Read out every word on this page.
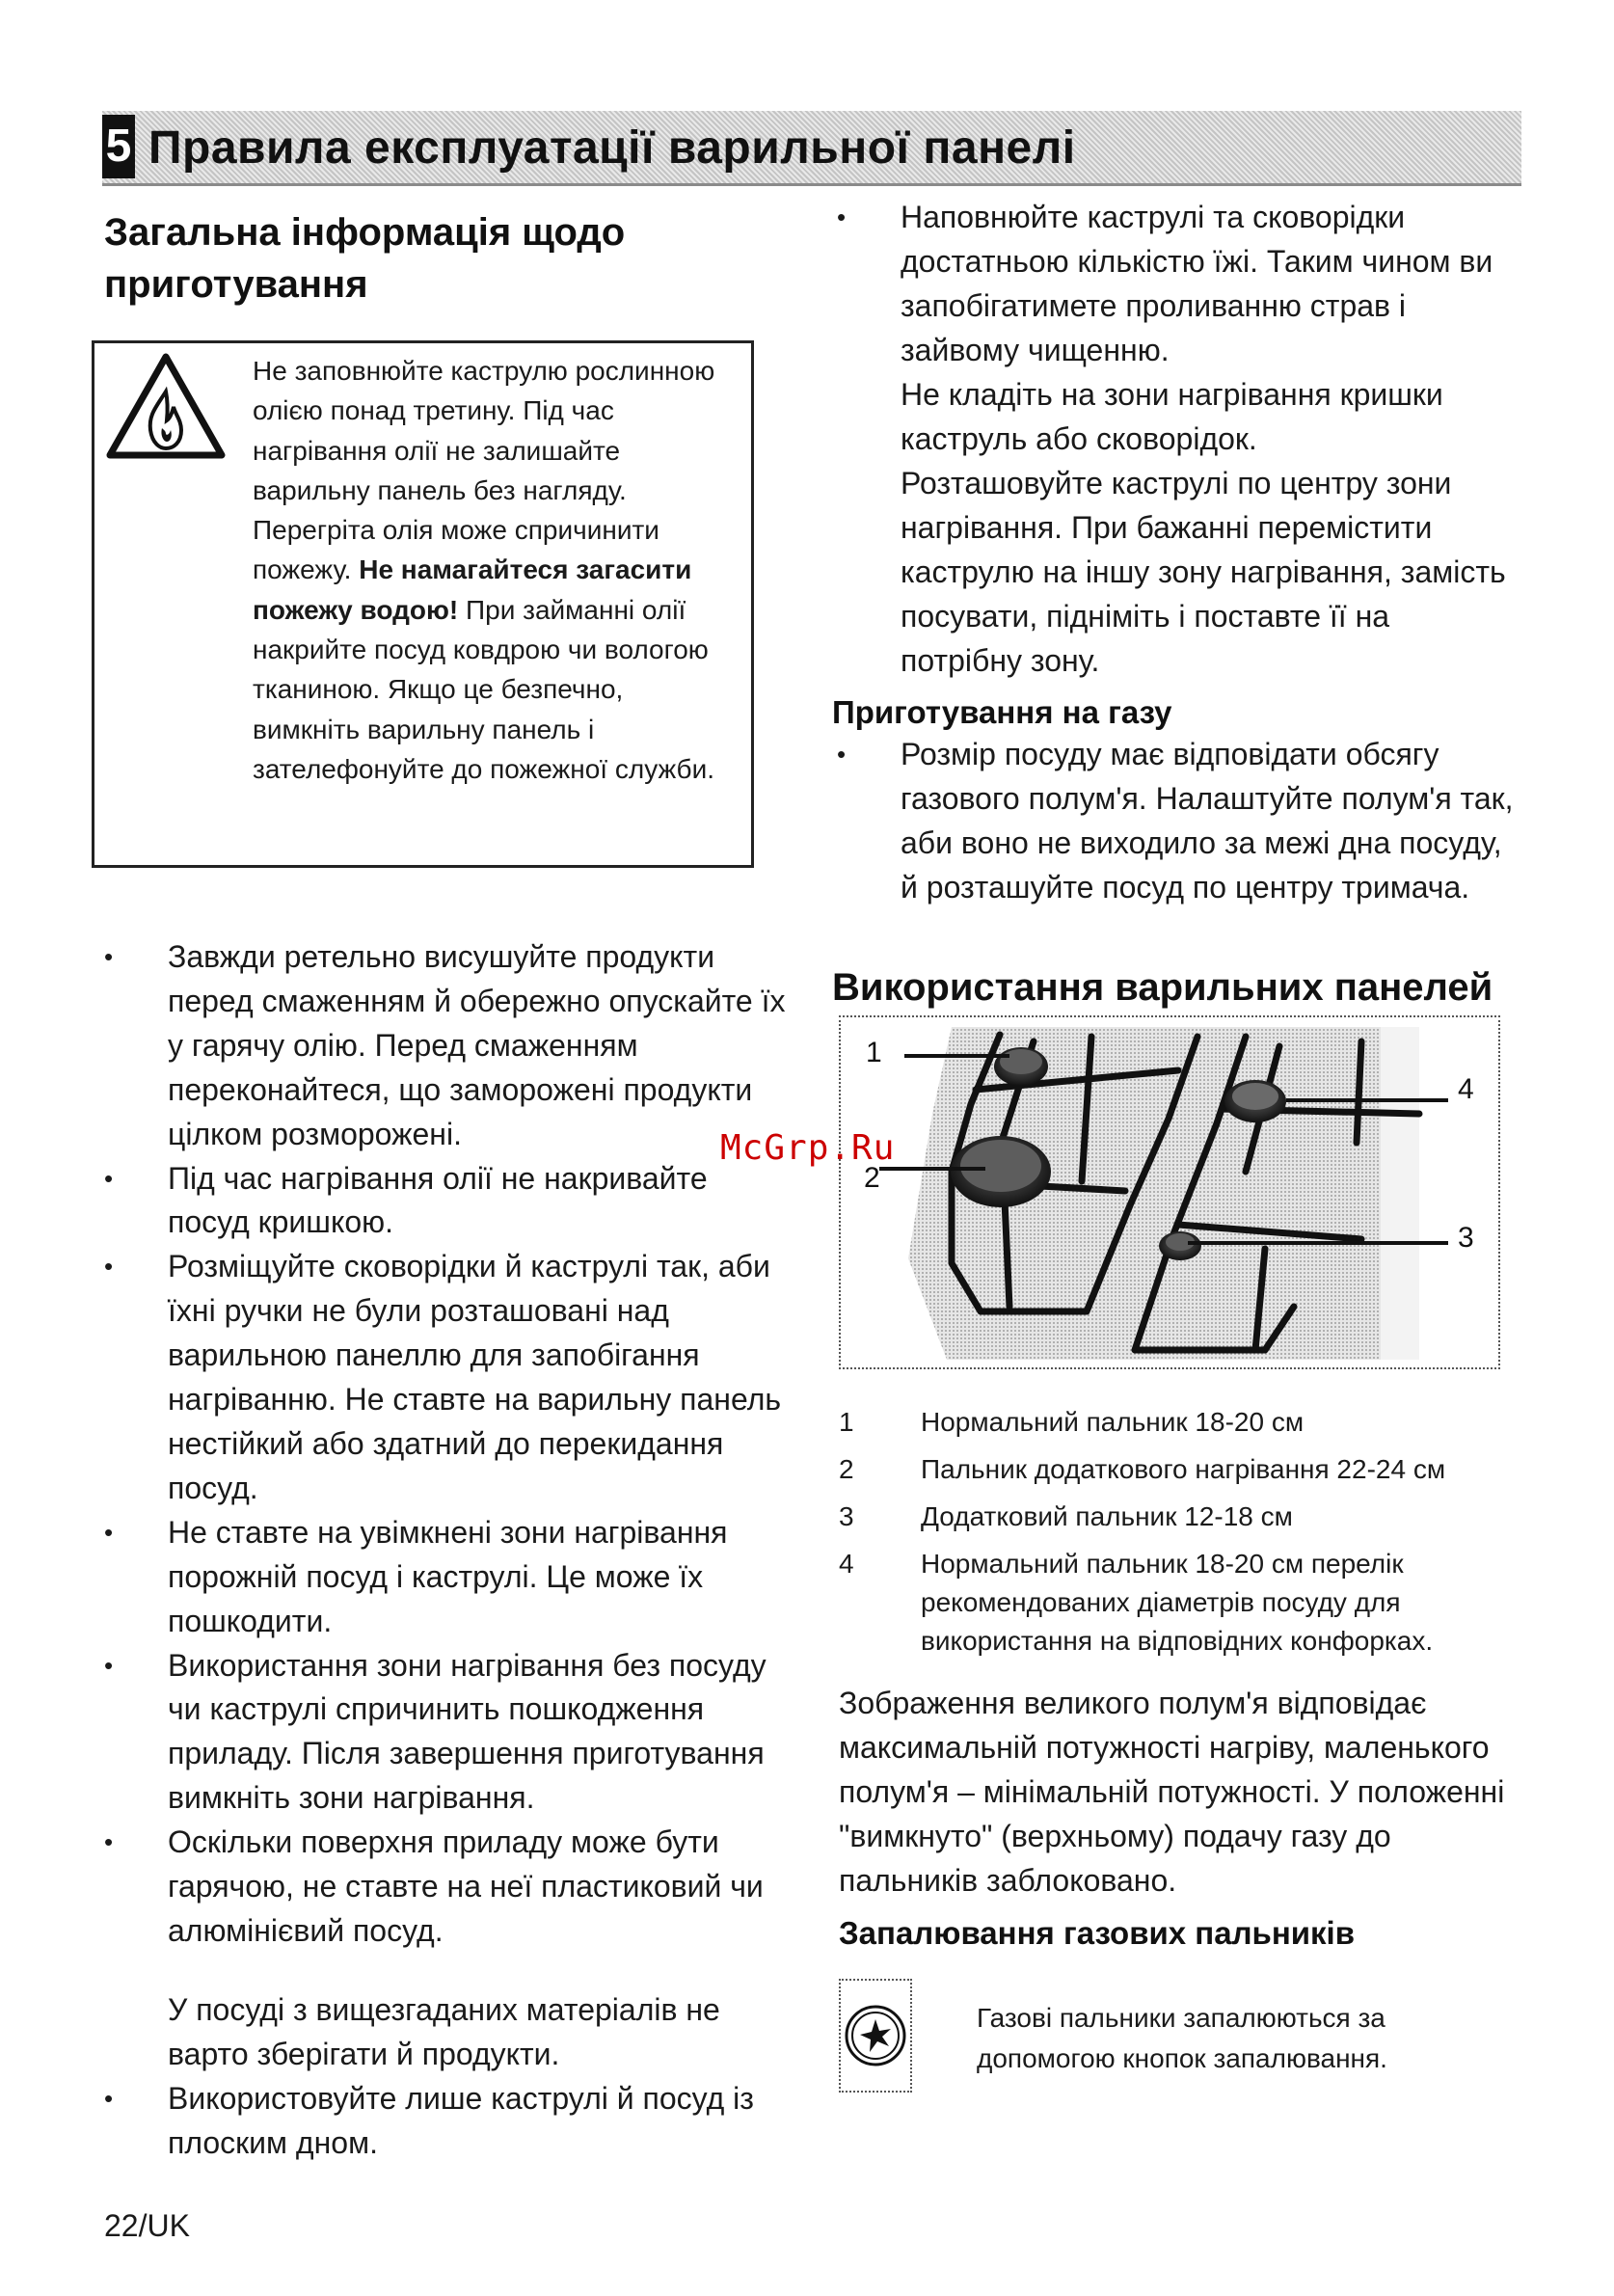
5 Правила експлуатації варильної панелі
Загальна інформація щодо
приготування
Не заповнюйте каструлю рослинною олією понад третину. Під час нагрівання олії не залишайте варильну панель без нагляду. Перегріта олія може спричинити пожежу. Не намагайтеся загасити пожежу водою! При займанні олії накрийте посуд ковдрою чи вологою тканиною. Якщо це безпечно, вимкніть варильну панель і зателефонуйте до пожежної служби.
• Завжди ретельно висушуйте продукти перед смаженням й обережно опускайте їх у гарячу олію. Перед смаженням переконайтеся, що заморожені продукти цілком розморожені.
• Під час нагрівання олії не накривайте посуд кришкою.
• Розміщуйте сковорідки й каструлі так, аби їхні ручки не були розташовані над варильною панеллю для запобігання нагріванню. Не ставте на варильну панель нестійкий або здатний до перекидання посуд.
• Не ставте на увімкнені зони нагрівання порожній посуд і каструлі. Це може їх пошкодити.
• Використання зони нагрівання без посуду чи каструлі спричинить пошкодження приладу. Після завершення приготування вимкніть зони нагрівання.
• Оскільки поверхня приладу може бути гарячою, не ставте на неї пластиковий чи алюмінієвий посуд.
У посуді з вищезгаданих матеріалів не варто зберігати й продукти.
• Використовуйте лише каструлі й посуд із плоским дном.
• Наповнюйте каструлі та сковорідки достатньою кількістю їжі. Таким чином ви запобігатимете проливанню страв і зайвому чищенню.
Не кладіть на зони нагрівання кришки каструль або сковорідок.
Розташовуйте каструлі по центру зони нагрівання. При бажанні перемістити каструлю на іншу зону нагрівання, замість посувати, підніміть і поставте її на потрібну зону.
Приготування на газу
• Розмір посуду має відповідати обсягу газового полум'я. Налаштуйте полум'я так, аби воно не виходило за межі дна посуду, й розташуйте посуд по центру тримача.
Використання варильних панелей
1
2
3
4
McGrp.Ru
1	Нормальний пальник 18-20 см
2	Пальник додаткового нагрівання 22-24 см
3	Додатковий пальник 12-18 см
4	Нормальний пальник 18-20 см перелік рекомендованих діаметрів посуду для використання на відповідних конфорках.
Зображення великого полум'я відповідає максимальній потужності нагріву, маленького полум'я – мінімальній потужності. У положенні "вимкнуто" (верхньому) подачу газу до пальників заблоковано.
Запалювання газових пальників
Газові пальники запалюються за допомогою кнопок запалювання.
22/UK
